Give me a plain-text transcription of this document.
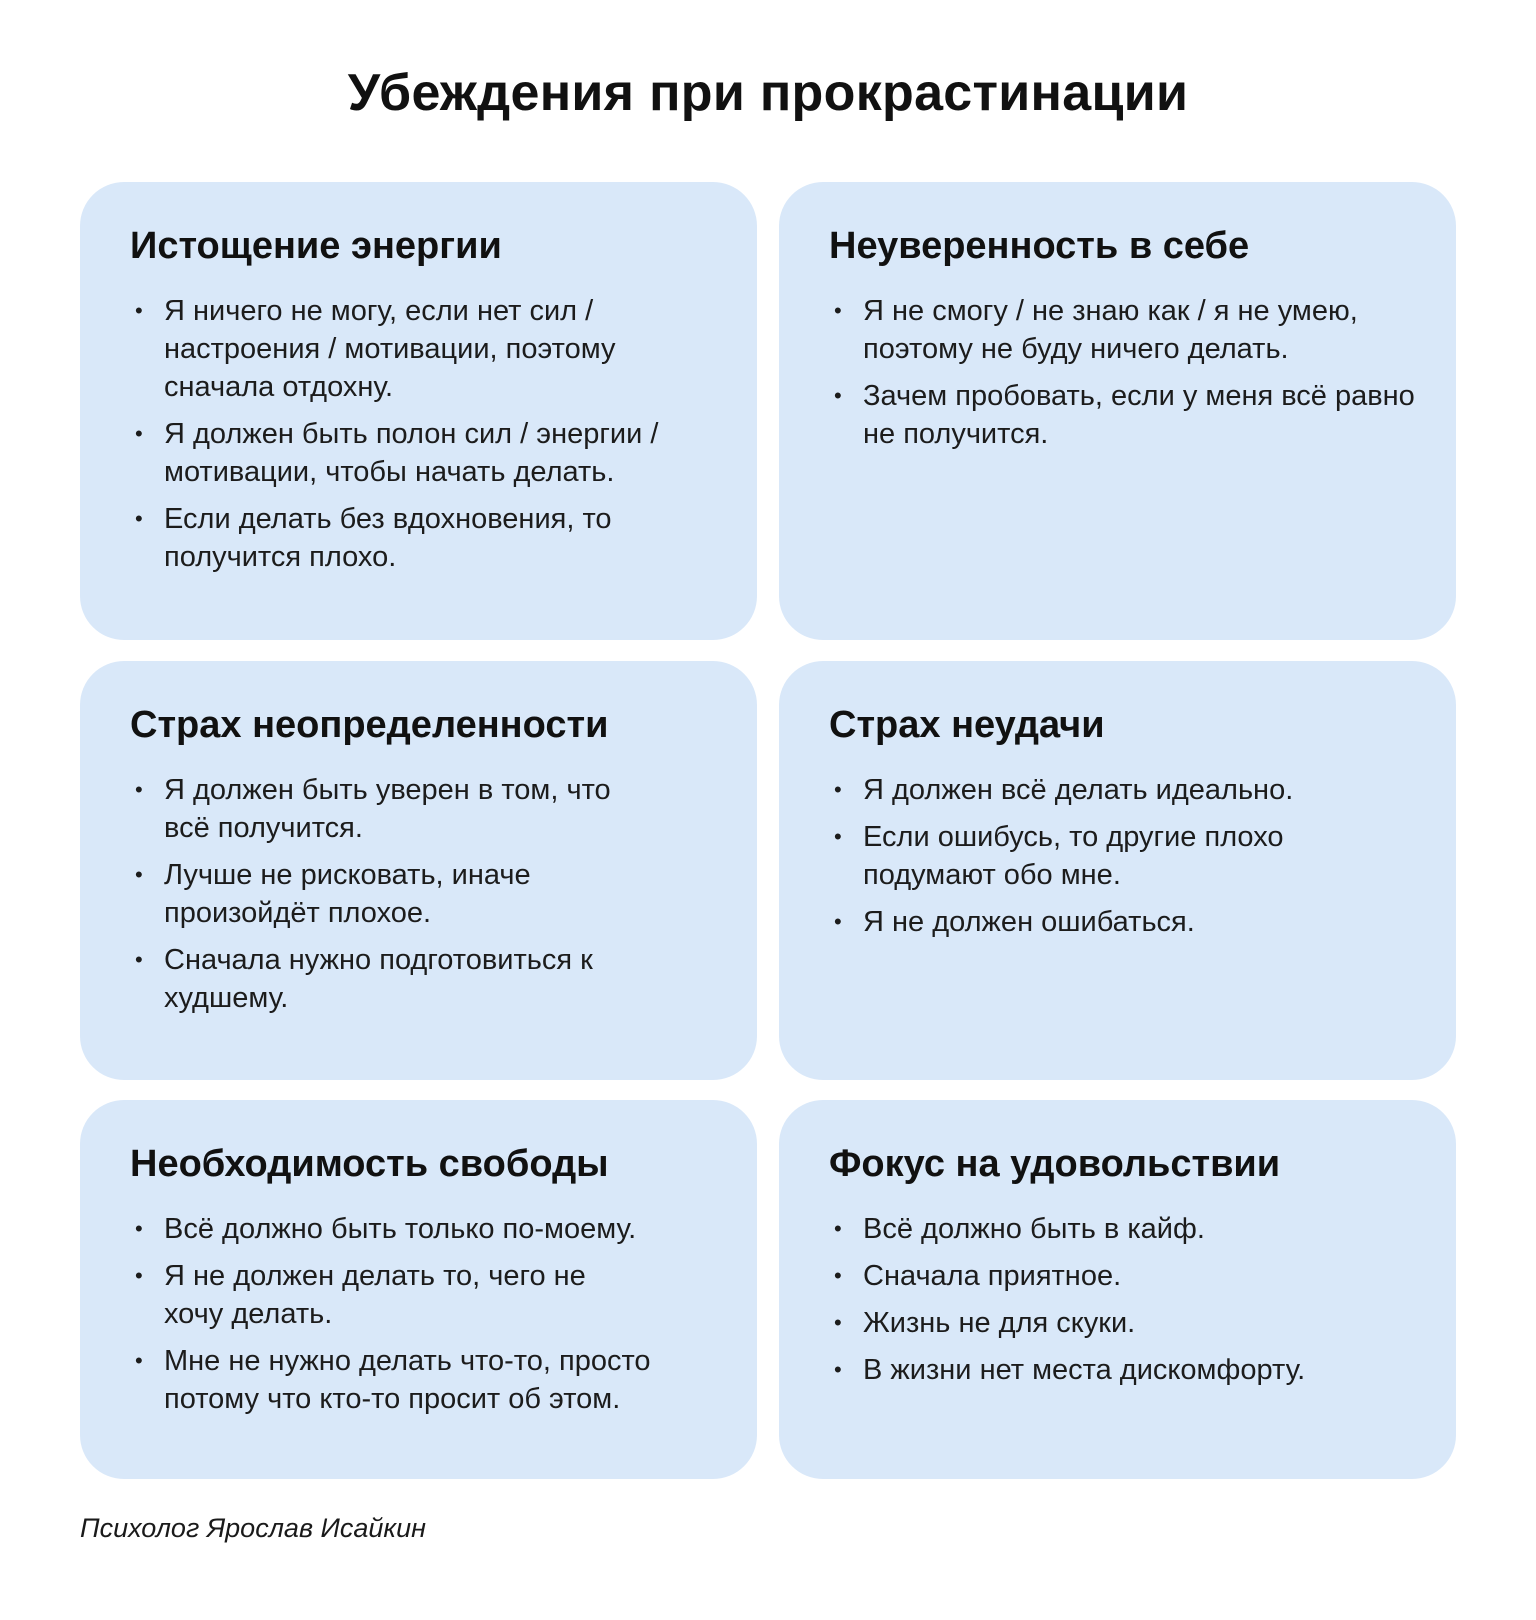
Убеждения при прокрастинации
Истощение энергии
• Я ничего не могу, если нет сил / настроения / мотивации, поэтому сначала отдохну.
• Я должен быть полон сил / энергии / мотивации, чтобы начать делать.
• Если делать без вдохновения, то получится плохо.
Неуверенность в себе
• Я не смогу / не знаю как / я не умею, поэтому не буду ничего делать.
• Зачем пробовать, если у меня всё равно не получится.
Страх неопределенности
• Я должен быть уверен в том, что всё получится.
• Лучше не рисковать, иначе произойдёт плохое.
• Сначала нужно подготовиться к худшему.
Страх неудачи
• Я должен всё делать идеально.
• Если ошибусь, то другие плохо подумают обо мне.
• Я не должен ошибаться.
Необходимость свободы
• Всё должно быть только по-моему.
• Я не должен делать то, чего не хочу делать.
• Мне не нужно делать что-то, просто потому что кто-то просит об этом.
Фокус на удовольствии
• Всё должно быть в кайф.
• Сначала приятное.
• Жизнь не для скуки.
• В жизни нет места дискомфорту.
Психолог Ярослав Исайкин
